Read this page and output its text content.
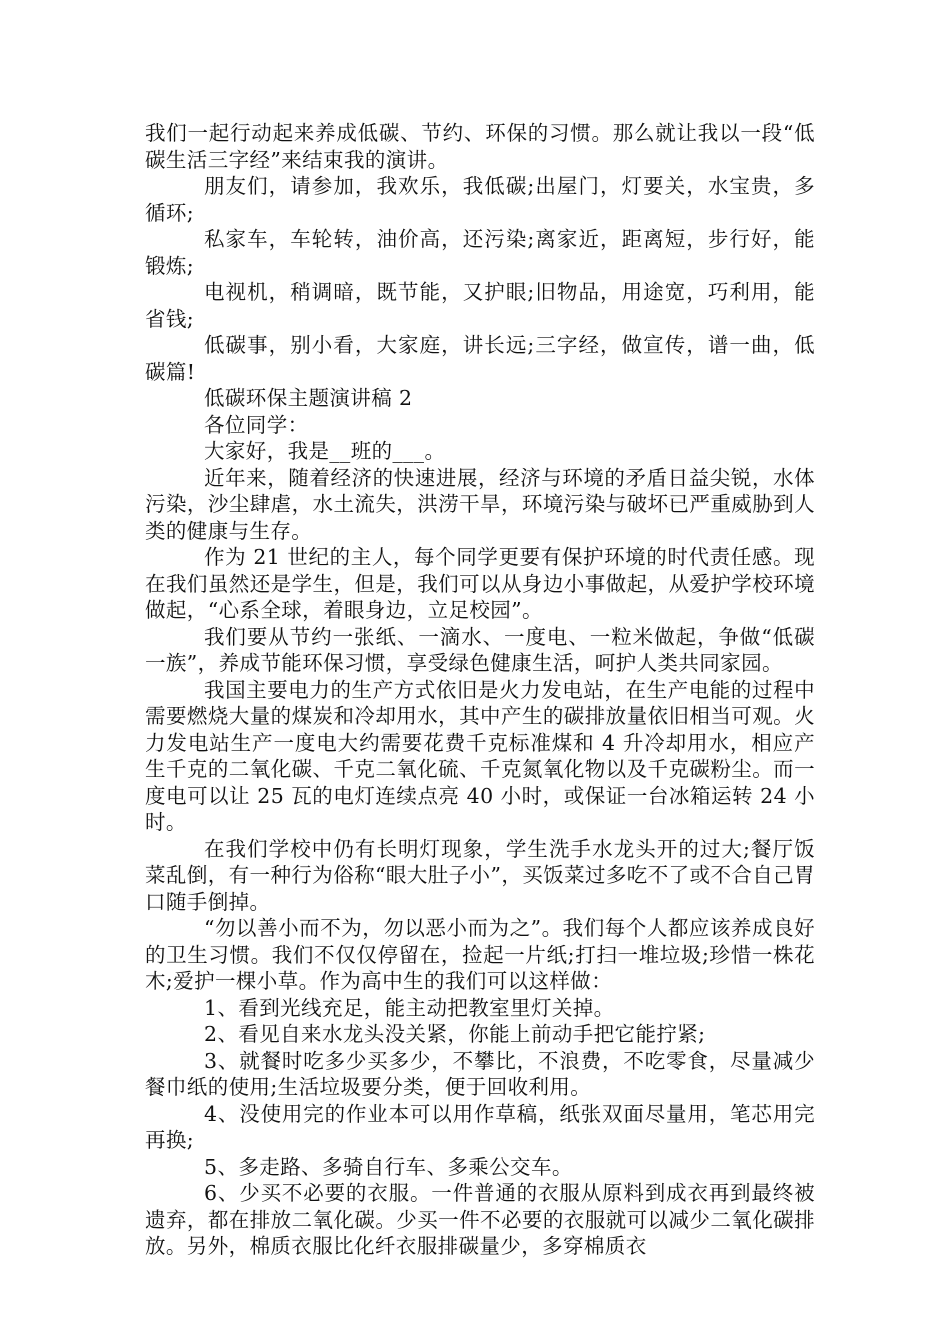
我们一起行动起来养成低碳、节约、环保的习惯。那么就让我以一段“低碳生活三字经”来结束我的演讲。

朋友们，请参加，我欢乐，我低碳;出屋门，灯要关，水宝贵，多循环;

私家车，车轮转，油价高，还污染;离家近，距离短，步行好，能锻炼;

电视机，稍调暗，既节能，又护眼;旧物品，用途宽，巧利用，能省钱;

低碳事，别小看，大家庭，讲长远;三字经，做宣传，谱一曲，低碳篇!

低碳环保主题演讲稿 2

各位同学：

大家好，我是__班的___。

近年来，随着经济的快速进展，经济与环境的矛盾日益尖锐，水体污染，沙尘肆虐，水土流失，洪涝干旱，环境污染与破坏已严重威胁到人类的健康与生存。

作为 21 世纪的主人，每个同学更要有保护环境的时代责任感。现在我们虽然还是学生，但是，我们可以从身边小事做起，从爱护学校环境做起，“心系全球，着眼身边，立足校园”。

我们要从节约一张纸、一滴水、一度电、一粒米做起，争做“低碳一族”，养成节能环保习惯，享受绿色健康生活，呵护人类共同家园。

我国主要电力的生产方式依旧是火力发电站，在生产电能的过程中需要燃烧大量的煤炭和冷却用水，其中产生的碳排放量依旧相当可观。火力发电站生产一度电大约需要花费千克标准煤和 4 升冷却用水，相应产生千克的二氧化碳、千克二氧化硫、千克氮氧化物以及千克碳粉尘。而一度电可以让 25 瓦的电灯连续点亮 40 小时，或保证一台冰箱运转 24 小时。

在我们学校中仍有长明灯现象，学生洗手水龙头开的过大;餐厅饭菜乱倒，有一种行为俗称“眼大肚子小”，买饭菜过多吃不了或不合自己胃口随手倒掉。

“勿以善小而不为，勿以恶小而为之”。我们每个人都应该养成良好的卫生习惯。我们不仅仅停留在，捡起一片纸;打扫一堆垃圾;珍惜一株花木;爱护一棵小草。作为高中生的我们可以这样做：

1、看到光线充足，能主动把教室里灯关掉。

2、看见自来水龙头没关紧，你能上前动手把它能拧紧;

3、就餐时吃多少买多少，不攀比，不浪费，不吃零食，尽量减少餐巾纸的使用;生活垃圾要分类，便于回收利用。

4、没使用完的作业本可以用作草稿，纸张双面尽量用，笔芯用完再换;

5、多走路、多骑自行车、多乘公交车。

6、少买不必要的衣服。一件普通的衣服从原料到成衣再到最终被遗弃，都在排放二氧化碳。少买一件不必要的衣服就可以减少二氧化碳排放。另外，棉质衣服比化纤衣服排碳量少，多穿棉质衣
